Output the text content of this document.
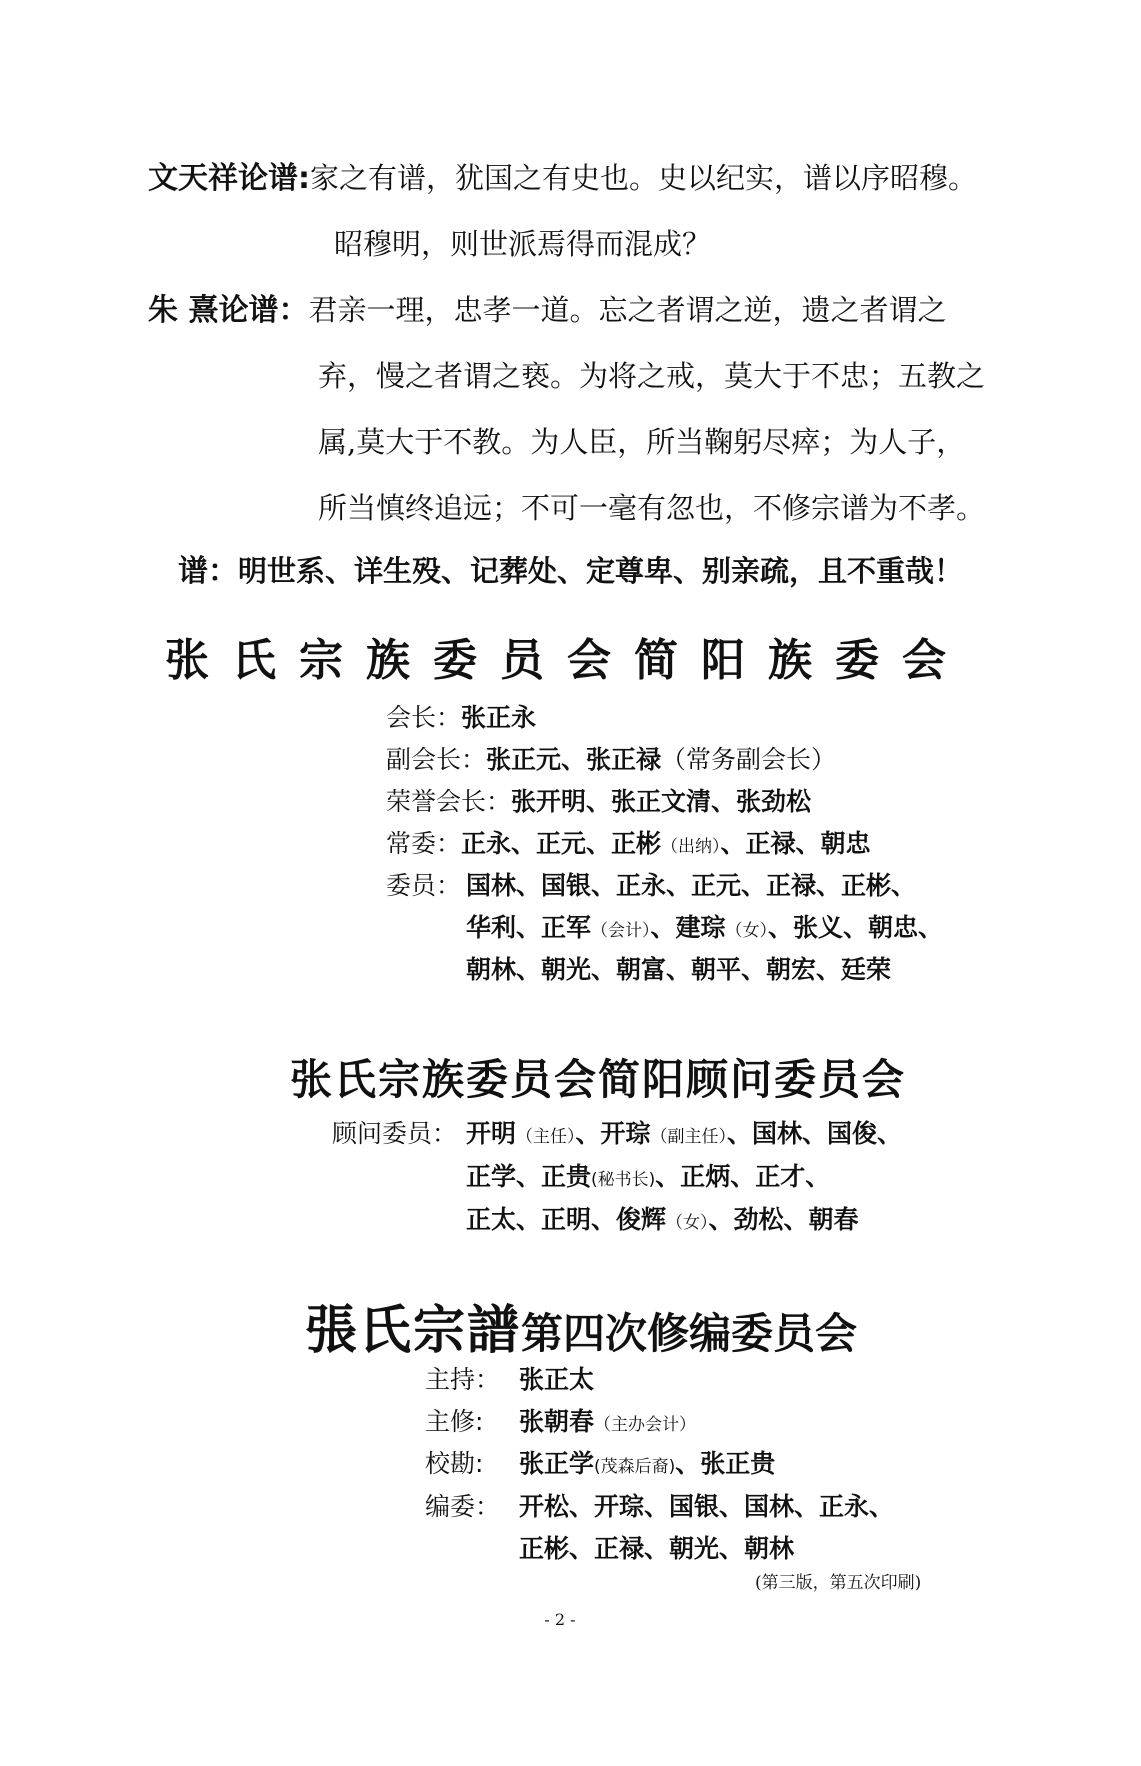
文天祥论谱:家之有谱，犹国之有史也。史以纪实，谱以序昭穆。
昭穆明，则世派焉得而混成？
朱 熹论谱：君亲一理，忠孝一道。忘之者谓之逆，遗之者谓之
弃，慢之者谓之亵。为将之戒，莫大于不忠；五教之
属,莫大于不教。为人臣，所当鞠躬尽瘁；为人子，
所当慎终追远；不可一毫有忽也，不修宗谱为不孝。
谱：明世系、详生殁、记葬处、定尊卑、别亲疏，且不重哉！
张氏宗族委员会简阳族委会
会长：张正永
副会长：张正元、张正禄（常务副会长）
荣誉会长：张开明、张正文清、张劲松
常委：正永、正元、正彬（出纳）、正禄、朝忠
委员： 国林、国银、正永、正元、正禄、正彬、
华利、正军（会计）、建琮（女）、张义、朝忠、
朝林、朝光、朝富、朝平、朝宏、廷荣
张氏宗族委员会简阳顾问委员会
顾问委员： 开明（主任）、开琮（副主任）、国林、国俊、
正学、正贵(秘书长)、正炳、正才、
正太、正明、俊辉（女）、劲松、朝春
張氏宗譜第四次修编委员会
主持： 张正太
主修: 张朝春（主办会计）
校勘: 张正学(茂森后裔)、张正贵
编委： 开松、开琮、国银、国林、正永、
正彬、正禄、朝光、朝林
(第三版，第五次印刷)
- 2 -
